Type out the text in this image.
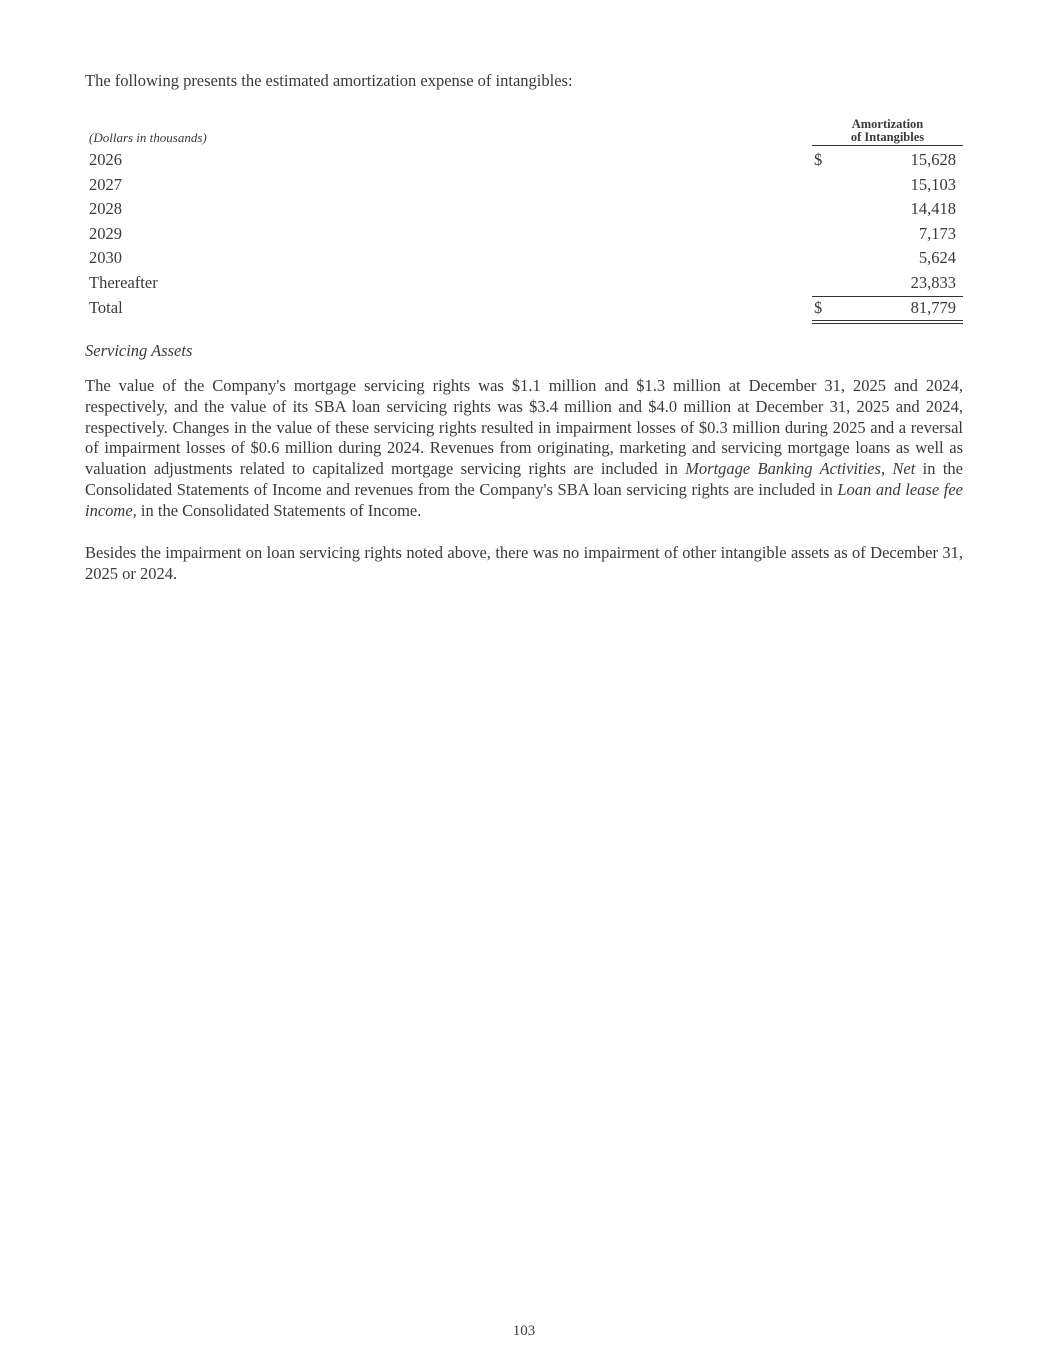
The following presents the estimated amortization expense of intangibles:

(Dollars in thousands)
Amortization
of Intangibles
2026	$	15,628
2027	15,103
2028	14,418
2029	7,173
2030	5,624
Thereafter	23,833
Total	$	81,779

Servicing Assets

The value of the Company's mortgage servicing rights was $1.1 million and $1.3 million at December 31, 2025 and 2024, respectively, and the value of its SBA loan servicing rights was $3.4 million and $4.0 million at December 31, 2025 and 2024, respectively. Changes in the value of these servicing rights resulted in impairment losses of $0.3 million during 2025 and a reversal of impairment losses of $0.6 million during 2024. Revenues from originating, marketing and servicing mortgage loans as well as valuation adjustments related to capitalized mortgage servicing rights are included in Mortgage Banking Activities, Net in the Consolidated Statements of Income and revenues from the Company's SBA loan servicing rights are included in Loan and lease fee income, in the Consolidated Statements of Income.

Besides the impairment on loan servicing rights noted above, there was no impairment of other intangible assets as of December 31, 2025 or 2024.

103
